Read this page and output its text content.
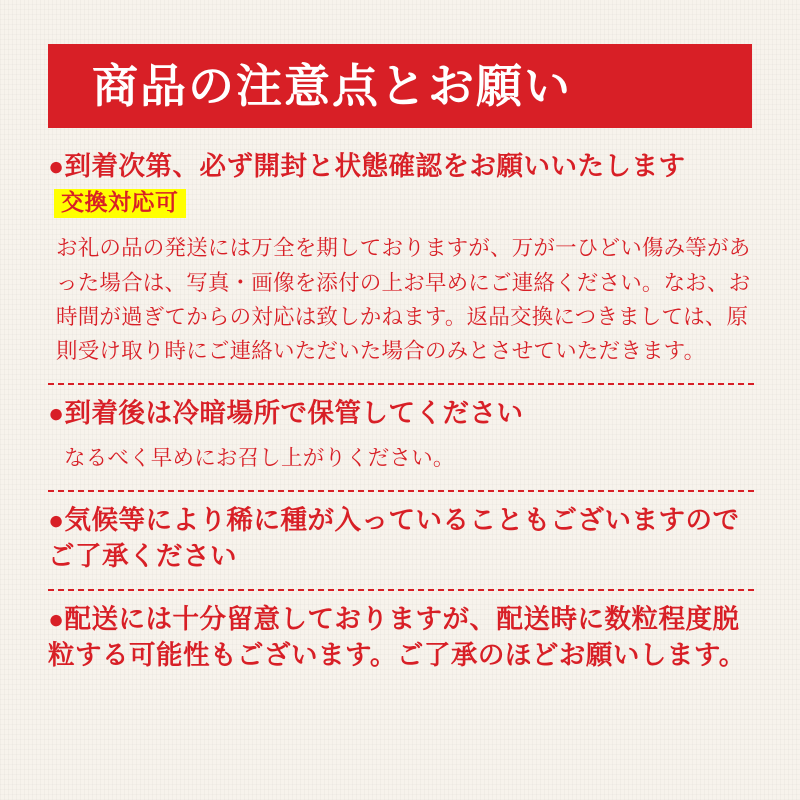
商品の注意点とお願い

●到着次第、必ず開封と状態確認をお願いいたします交換対応可

お礼の品の発送には万全を期しておりますが、万が一ひどい傷み等があった場合は、写真・画像を添付の上お早めにご連絡ください。なお、お時間が過ぎてからの対応は致しかねます。返品交換につきましては、原則受け取り時にご連絡いただいた場合のみとさせていただきます。

●到着後は冷暗場所で保管してください

なるべく早めにお召し上がりください。

●気候等により稀に種が入っていることもございますのでご了承ください

●配送には十分留意しておりますが、配送時に数粒程度脱粒する可能性もございます。ご了承のほどお願いします。
